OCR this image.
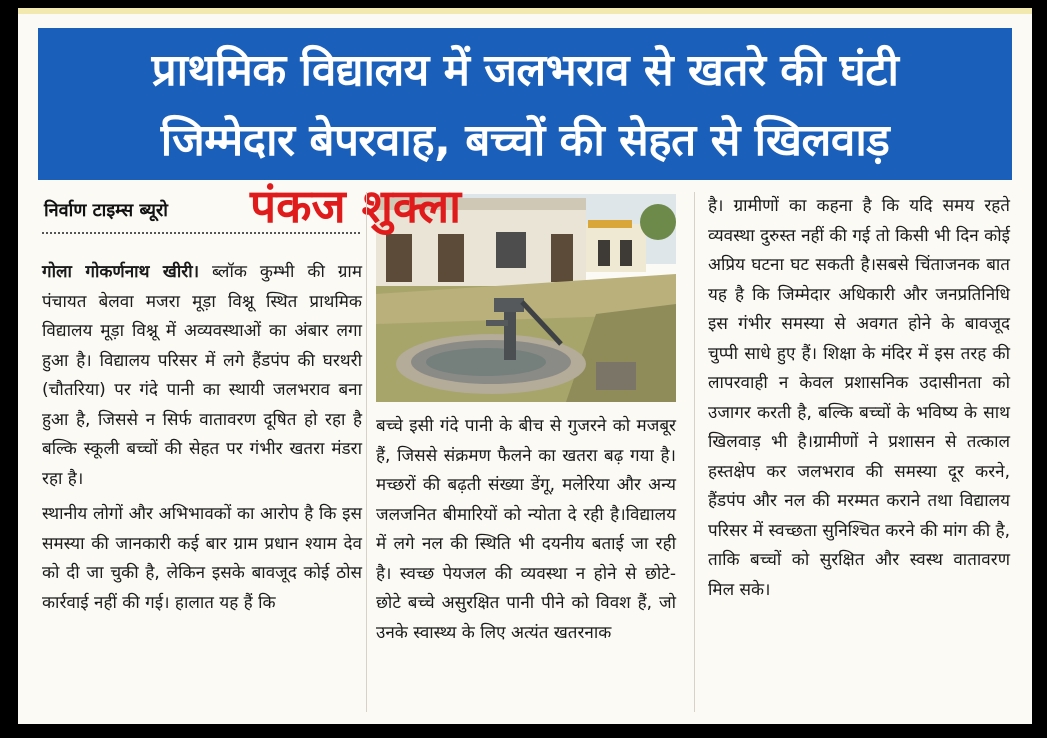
प्राथमिक विद्यालय में जलभराव से खतरे की घंटी
जिम्मेदार बेपरवाह, बच्चों की सेहत से खिलवाड़
निर्वाण टाइम्स ब्यूरो पंकज शुक्ला

गोला गोकर्णनाथ खीरी। ब्लॉक कुम्भी की ग्राम पंचायत बेलवा मजरा मूड़ा विश्नू स्थित प्राथमिक विद्यालय मूड़ा विश्नू में अव्यवस्थाओं का अंबार लगा हुआ है। विद्यालय परिसर में लगे हैंडपंप की घरथरी (चौतरिया) पर गंदे पानी का स्थायी जलभराव बना हुआ है, जिससे न सिर्फ वातावरण दूषित हो रहा है बल्कि स्कूली बच्चों की सेहत पर गंभीर खतरा मंडरा रहा है।

स्थानीय लोगों और अभिभावकों का आरोप है कि इस समस्या की जानकारी कई बार ग्राम प्रधान श्याम देव को दी जा चुकी है, लेकिन इसके बावजूद कोई ठोस कार्रवाई नहीं की गई। हालात यह हैं कि

बच्चे इसी गंदे पानी के बीच से गुजरने को मजबूर हैं, जिससे संक्रमण फैलने का खतरा बढ़ गया है। मच्छरों की बढ़ती संख्या डेंगू, मलेरिया और अन्य जलजनित बीमारियों को न्योता दे रही है।विद्यालय में लगे नल की स्थिति भी दयनीय बताई जा रही है। स्वच्छ पेयजल की व्यवस्था न होने से छोटे-छोटे बच्चे असुरक्षित पानी पीने को विवश हैं, जो उनके स्वास्थ्य के लिए अत्यंत खतरनाक

है। ग्रामीणों का कहना है कि यदि समय रहते व्यवस्था दुरुस्त नहीं की गई तो किसी भी दिन कोई अप्रिय घटना घट सकती है।सबसे चिंताजनक बात यह है कि जिम्मेदार अधिकारी और जनप्रतिनिधि इस गंभीर समस्या से अवगत होने के बावजूद चुप्पी साधे हुए हैं। शिक्षा के मंदिर में इस तरह की लापरवाही न केवल प्रशासनिक उदासीनता को उजागर करती है, बल्कि बच्चों के भविष्य के साथ खिलवाड़ भी है।ग्रामीणों ने प्रशासन से तत्काल हस्तक्षेप कर जलभराव की समस्या दूर करने, हैंडपंप और नल की मरम्मत कराने तथा विद्यालय परिसर में स्वच्छता सुनिश्चित करने की मांग की है, ताकि बच्चों को सुरक्षित और स्वस्थ वातावरण मिल सके।
